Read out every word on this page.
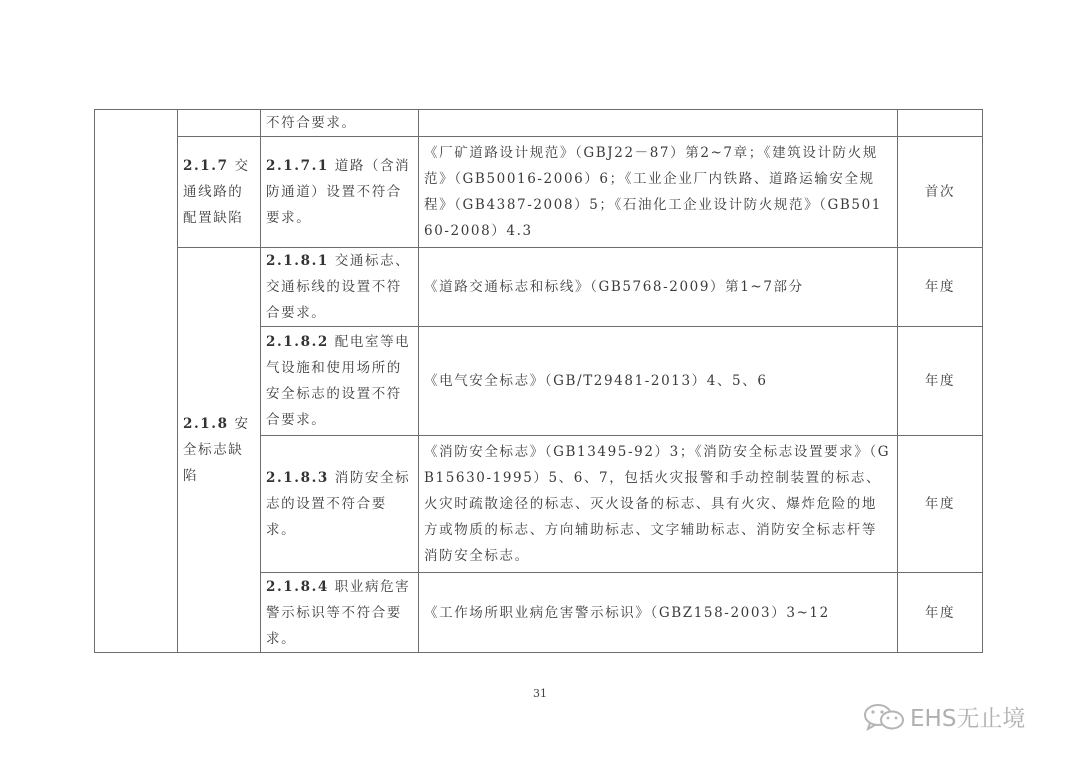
		不符合要求。		
	2.1.7 交通线路的配置缺陷	2.1.7.1 道路（含消防通道）设置不符合要求。	《厂矿道路设计规范》（GBJ22－87）第2~7章；《建筑设计防火规范》（GB50016-2006）6；《工业企业厂内铁路、道路运输安全规程》（GB4387-2008）5；《石油化工企业设计防火规范》（GB50160-2008）4.3	首次
	2.1.8 安全标志缺陷	2.1.8.1 交通标志、交通标线的设置不符合要求。	《道路交通标志和标线》（GB5768-2009）第1~7部分	年度
		2.1.8.2 配电室等电气设施和使用场所的安全标志的设置不符合要求。	《电气安全标志》（GB/T29481-2013）4、5、6	年度
		2.1.8.3 消防安全标志的设置不符合要求。	《消防安全标志》（GB13495-92）3；《消防安全标志设置要求》（GB15630-1995）5、6、7，包括火灾报警和手动控制装置的标志、火灾时疏散途径的标志、灭火设备的标志、具有火灾、爆炸危险的地方或物质的标志、方向辅助标志、文字辅助标志、消防安全标志杆等消防安全标志。	年度
		2.1.8.4 职业病危害警示标识等不符合要求。	《工作场所职业病危害警示标识》（GBZ158-2003）3~12	年度
31
EHS无止境
